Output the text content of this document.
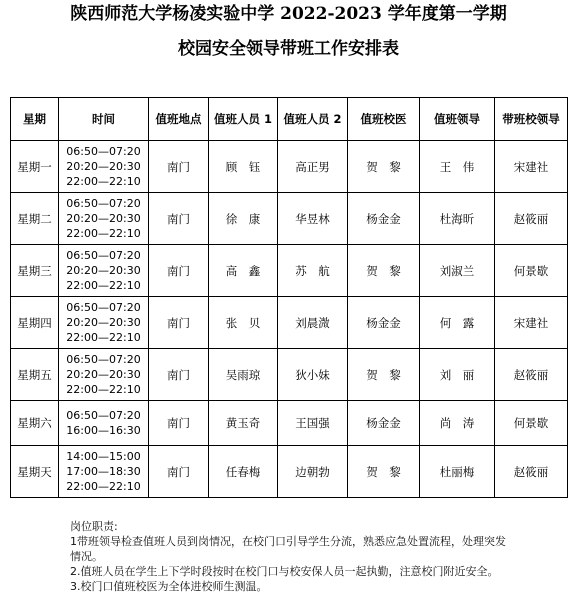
陕西师范大学杨凌实验中学 2022-2023 学年度第一学期
校园安全领导带班工作安排表
星期	时间	值班地点	值班人员 1	值班人员 2	值班校医	值班领导	带班校领导
星期一	06:50—07:20
20:20—20:30
22:00—22:10	南门	顾　钰	高正男	贺　黎	王　伟	宋建社
星期二	06:50—07:20
20:20—20:30
22:00—22:10	南门	徐　康	华昱林	杨金金	杜海昕	赵筱丽
星期三	06:50—07:20
20:20—20:30
22:00—22:10	南门	高　鑫	苏　航	贺　黎	刘淑兰	何景歇
星期四	06:50—07:20
20:20—20:30
22:00—22:10	南门	张　贝	刘晨溦	杨金金	何　露	宋建社
星期五	06:50—07:20
20:20—20:30
22:00—22:10	南门	吴雨琼	狄小妹	贺　黎	刘　丽	赵筱丽
星期六	06:50—07:20
16:00—16:30	南门	黄玉奇	王国强	杨金金	尚　涛	何景歇
星期天	14:00—15:00
17:00—18:30
22:00—22:10	南门	任春梅	边朝勃	贺　黎	杜丽梅	赵筱丽
岗位职责:
1带班领导检查值班人员到岗情况，在校门口引导学生分流，熟悉应急处置流程，处理突发
情况。
2.值班人员在学生上下学时段按时在校门口与校安保人员一起执勤，注意校门附近安全。
3.校门口值班校医为全体进校师生测温。
